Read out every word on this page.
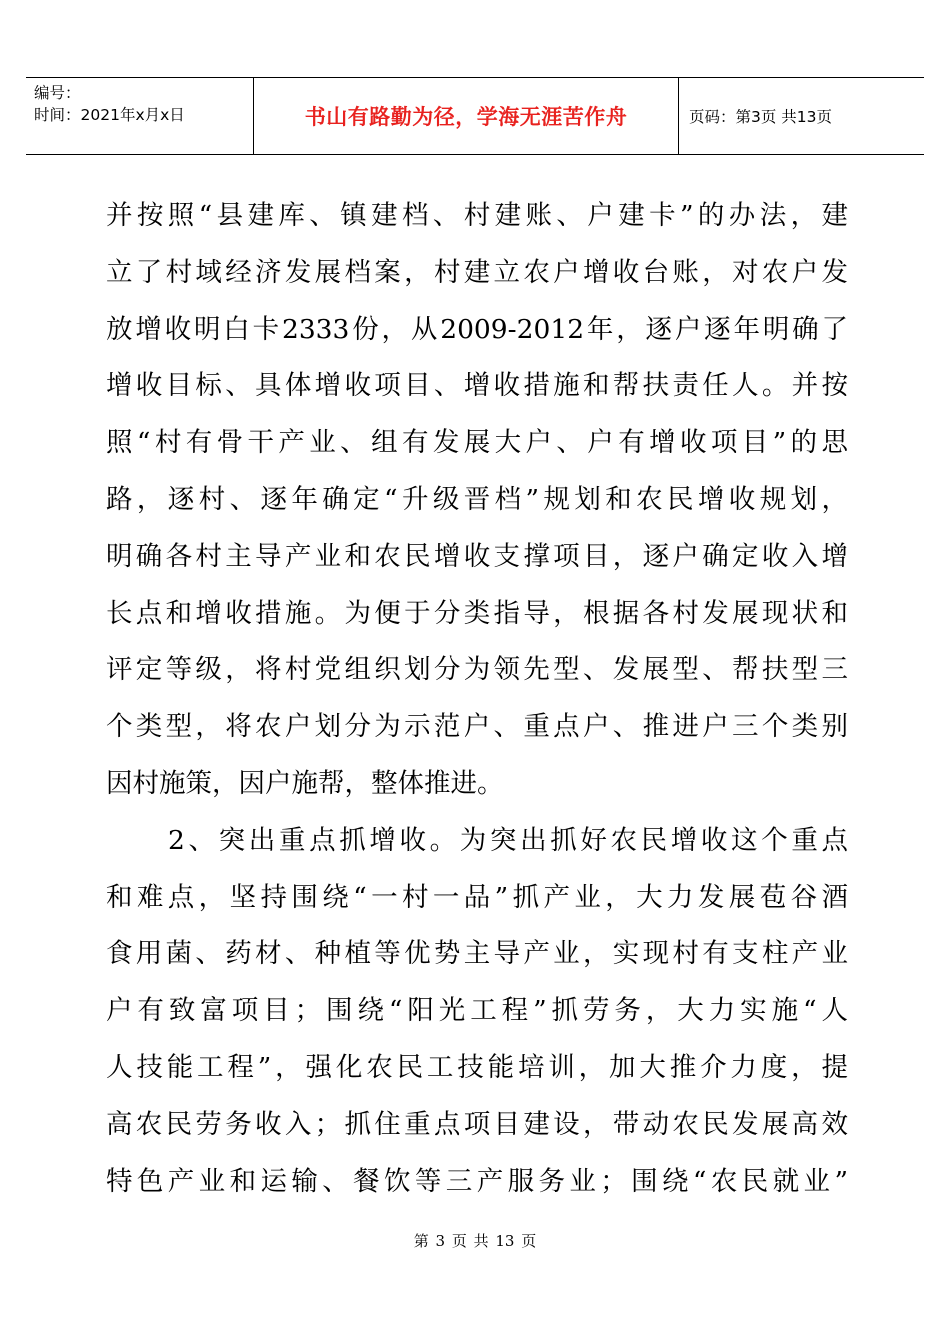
编号：
时间：2021年x月x日	书山有路勤为径，学海无涯苦作舟	页码：第3页 共13页
并按照“县建库、镇建档、村建账、户建卡”的办法，建
立了村域经济发展档案，村建立农户增收台账，对农户发
放增收明白卡2333份，从2009-2012年，逐户逐年明确了
增收目标、具体增收项目、增收措施和帮扶责任人。并按
照“村有骨干产业、组有发展大户、户有增收项目”的思
路，逐村、逐年确定“升级晋档”规划和农民增收规划，
明确各村主导产业和农民增收支撑项目，逐户确定收入增
长点和增收措施。为便于分类指导，根据各村发展现状和
评定等级，将村党组织划分为领先型、发展型、帮扶型三
个类型，将农户划分为示范户、重点户、推进户三个类别
因村施策，因户施帮，整体推进。
2、突出重点抓增收。为突出抓好农民增收这个重点
和难点，坚持围绕“一村一品”抓产业，大力发展苞谷酒
食用菌、药材、种植等优势主导产业，实现村有支柱产业
户有致富项目；围绕“阳光工程”抓劳务，大力实施“人
人技能工程”，强化农民工技能培训，加大推介力度，提
高农民劳务收入；抓住重点项目建设，带动农民发展高效
特色产业和运输、餐饮等三产服务业；围绕“农民就业”
第 3 页 共 13 页
